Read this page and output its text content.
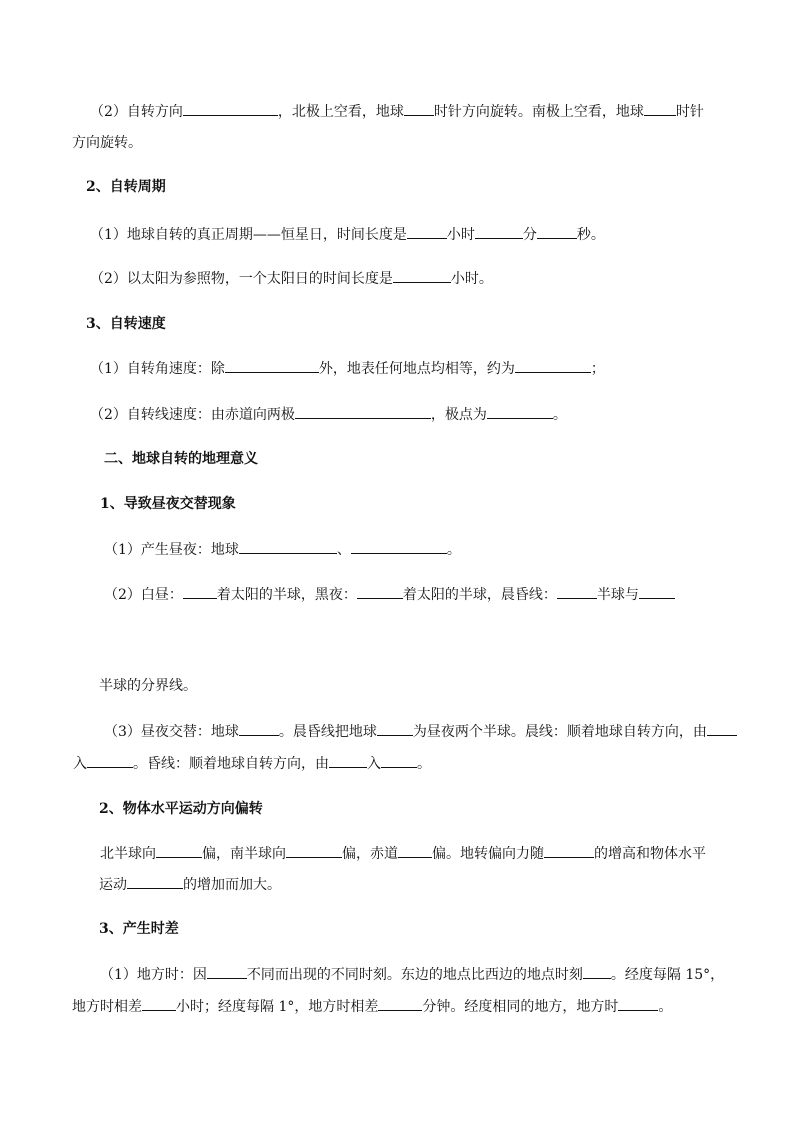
（2）自转方向	，北极上空看，地球 时针方向旋转。南极上空看，地球 时针
方向旋转。
2、自转周期
（1）地球自转的真正周期——恒星日，时间长度是	小时	分	秒。
（2）以太阳为参照物，一个太阳日的时间长度是	小时。
3、自转速度
（1）自转角速度：除	外，地表任何地点均相等，约为	；
（2）自转线速度：由赤道向两极	，极点为	。
二、地球自转的地理意义
1、导致昼夜交替现象
（1）产生昼夜：地球	、	。
（2）白昼： 着太阳的半球，黑夜：	着太阳的半球，晨昏线：	半球与
半球的分界线。
（3）昼夜交替：地球	。晨昏线把地球	为昼夜两个半球。晨线：顺着地球自转方向，由
入	。昏线：顺着地球自转方向，由	入	。
2、物体水平运动方向偏转
北半球向	偏，南半球向	偏，赤道 偏。地转偏向力随	的增高和物体水平
运动	的增加而加大。
3、产生时差
（1）地方时：因	不同而出现的不同时刻。东边的地点比西边的地点时刻 。经度每隔 15°，
地方时相差 小时；经度每隔 1°，地方时相差	分钟。经度相同的地方，地方时	。
